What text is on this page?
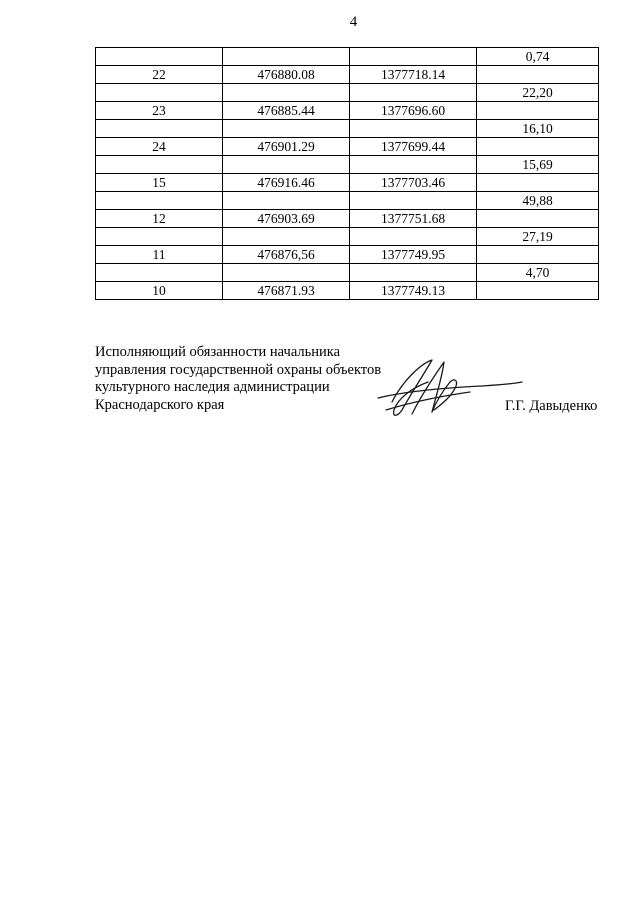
4
			0,74
22	476880.08	1377718.14	
			22,20
23	476885.44	1377696.60	
			16,10
24	476901.29	1377699.44	
			15,69
15	476916.46	1377703.46	
			49,88
12	476903.69	1377751.68	
			27,19
11	476876,56	1377749.95	
			4,70
10	476871.93	1377749.13	
Исполняющий обязанности начальника
управления государственной охраны объектов
культурного наследия администрации
Краснодарского края	Г.Г. Давыденко
